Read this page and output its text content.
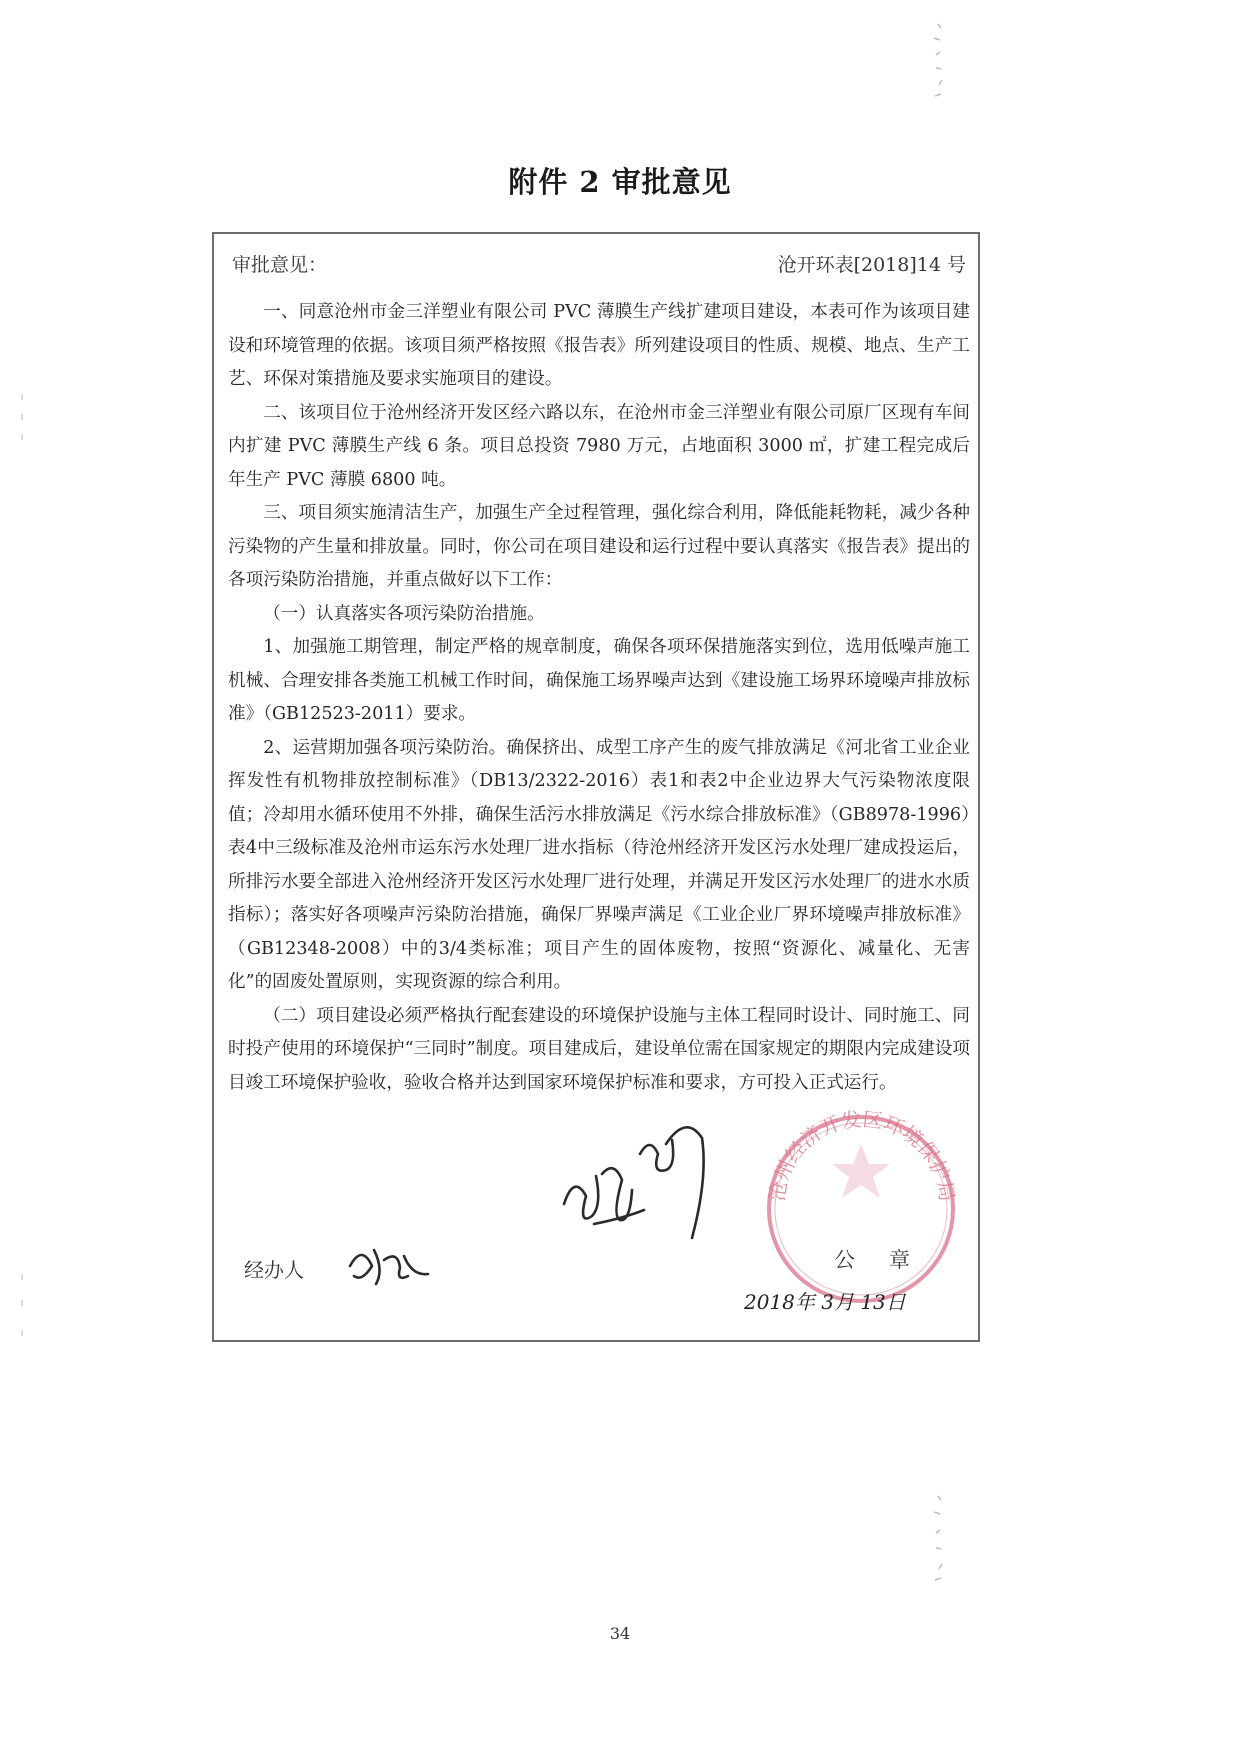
附件 2 审批意见
审批意见：	沧开环表[2018]14 号

一、同意沧州市金三洋塑业有限公司 PVC 薄膜生产线扩建项目建设，本表可作为该项目建设和环境管理的依据。该项目须严格按照《报告表》所列建设项目的性质、规模、地点、生产工艺、环保对策措施及要求实施项目的建设。

二、该项目位于沧州经济开发区经六路以东，在沧州市金三洋塑业有限公司原厂区现有车间内扩建 PVC 薄膜生产线 6 条。项目总投资 7980 万元，占地面积 3000 ㎡，扩建工程完成后年生产 PVC 薄膜 6800 吨。

三、项目须实施清洁生产，加强生产全过程管理，强化综合利用，降低能耗物耗，减少各种污染物的产生量和排放量。同时，你公司在项目建设和运行过程中要认真落实《报告表》提出的各项污染防治措施，并重点做好以下工作：

（一）认真落实各项污染防治措施。

1、加强施工期管理，制定严格的规章制度，确保各项环保措施落实到位，选用低噪声施工机械、合理安排各类施工机械工作时间，确保施工场界噪声达到《建设施工场界环境噪声排放标准》（GB12523-2011）要求。

2、运营期加强各项污染防治。确保挤出、成型工序产生的废气排放满足《河北省工业企业挥发性有机物排放控制标准》（DB13/2322-2016）表1和表2中企业边界大气污染物浓度限值；冷却用水循环使用不外排，确保生活污水排放满足《污水综合排放标准》（GB8978-1996）表4中三级标准及沧州市运东污水处理厂进水指标（待沧州经济开发区污水处理厂建成投运后，所排污水要全部进入沧州经济开发区污水处理厂进行处理，并满足开发区污水处理厂的进水水质指标）；落实好各项噪声污染防治措施，确保厂界噪声满足《工业企业厂界环境噪声排放标准》（GB12348-2008）中的3/4类标准；项目产生的固体废物，按照“资源化、减量化、无害化”的固废处置原则，实现资源的综合利用。

（二）项目建设必须严格执行配套建设的环境保护设施与主体工程同时设计、同时施工、同时投产使用的环境保护“三同时”制度。项目建成后，建设单位需在国家规定的期限内完成建设项目竣工环境保护验收，验收合格并达到国家环境保护标准和要求，方可投入正式运行。

沧州经济开发区环境保护局
公章
经办人
2018年 3月 13日
34
